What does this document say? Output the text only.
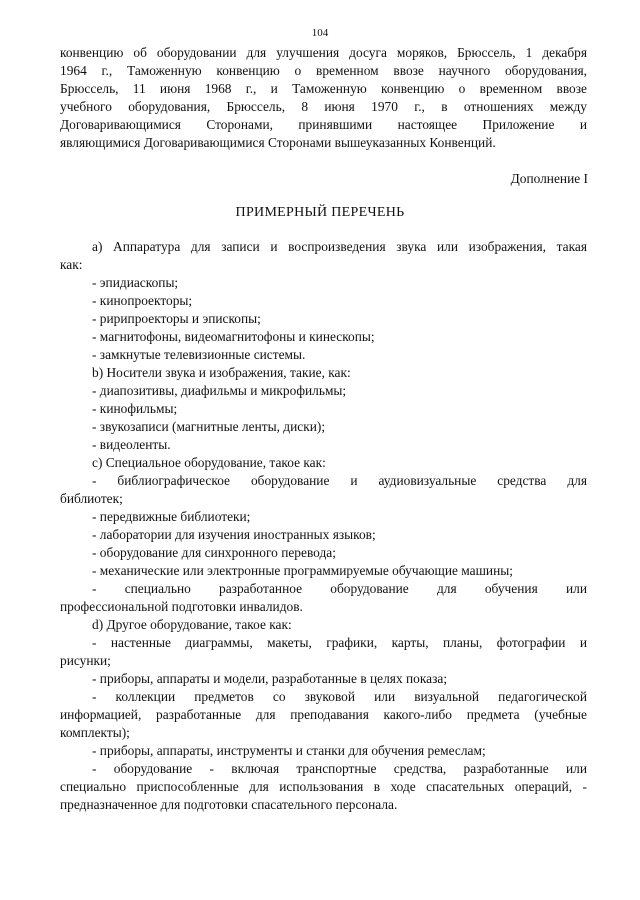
104

конвенцию об оборудовании для улучшения досуга моряков, Брюссель, 1 декабря

1964 г., Таможенную конвенцию о временном ввозе научного оборудования,

Брюссель, 11 июня 1968 г., и Таможенную конвенцию о временном ввозе

учебного оборудования, Брюссель, 8 июня 1970 г., в отношениях между

Договаривающимися Сторонами, принявшими настоящее Приложение и

являющимися Договаривающимися Сторонами вышеуказанных Конвенций.

Дополнение I
ПРИМЕРНЫЙ ПЕРЕЧЕНЬ
a) Аппаратура для записи и воспроизведения звука или изображения, такая
как:
- эпидиаскопы;
- кинопроекторы;
- ририпроекторы и эпископы;
- магнитофоны, видеомагнитофоны и кинескопы;
- замкнутые телевизионные системы.
b) Носители звука и изображения, такие, как:
- диапозитивы, диафильмы и микрофильмы;
- кинофильмы;
- звукозаписи (магнитные ленты, диски);
- видеоленты.
c) Специальное оборудование, такое как:
- библиографическое оборудование и аудиовизуальные средства для
библиотек;
- передвижные библиотеки;
- лаборатории для изучения иностранных языков;
- оборудование для синхронного перевода;
- механические или электронные программируемые обучающие машины;
- специально разработанное оборудование для обучения или
профессиональной подготовки инвалидов.
d) Другое оборудование, такое как:
- настенные диаграммы, макеты, графики, карты, планы, фотографии и
рисунки;
- приборы, аппараты и модели, разработанные в целях показа;
- коллекции предметов со звуковой или визуальной педагогической
информацией, разработанные для преподавания какого-либо предмета (учебные
комплекты);
- приборы, аппараты, инструменты и станки для обучения ремеслам;
- оборудование - включая транспортные средства, разработанные или
специально приспособленные для использования в ходе спасательных операций, -
предназначенное для подготовки спасательного персонала.
